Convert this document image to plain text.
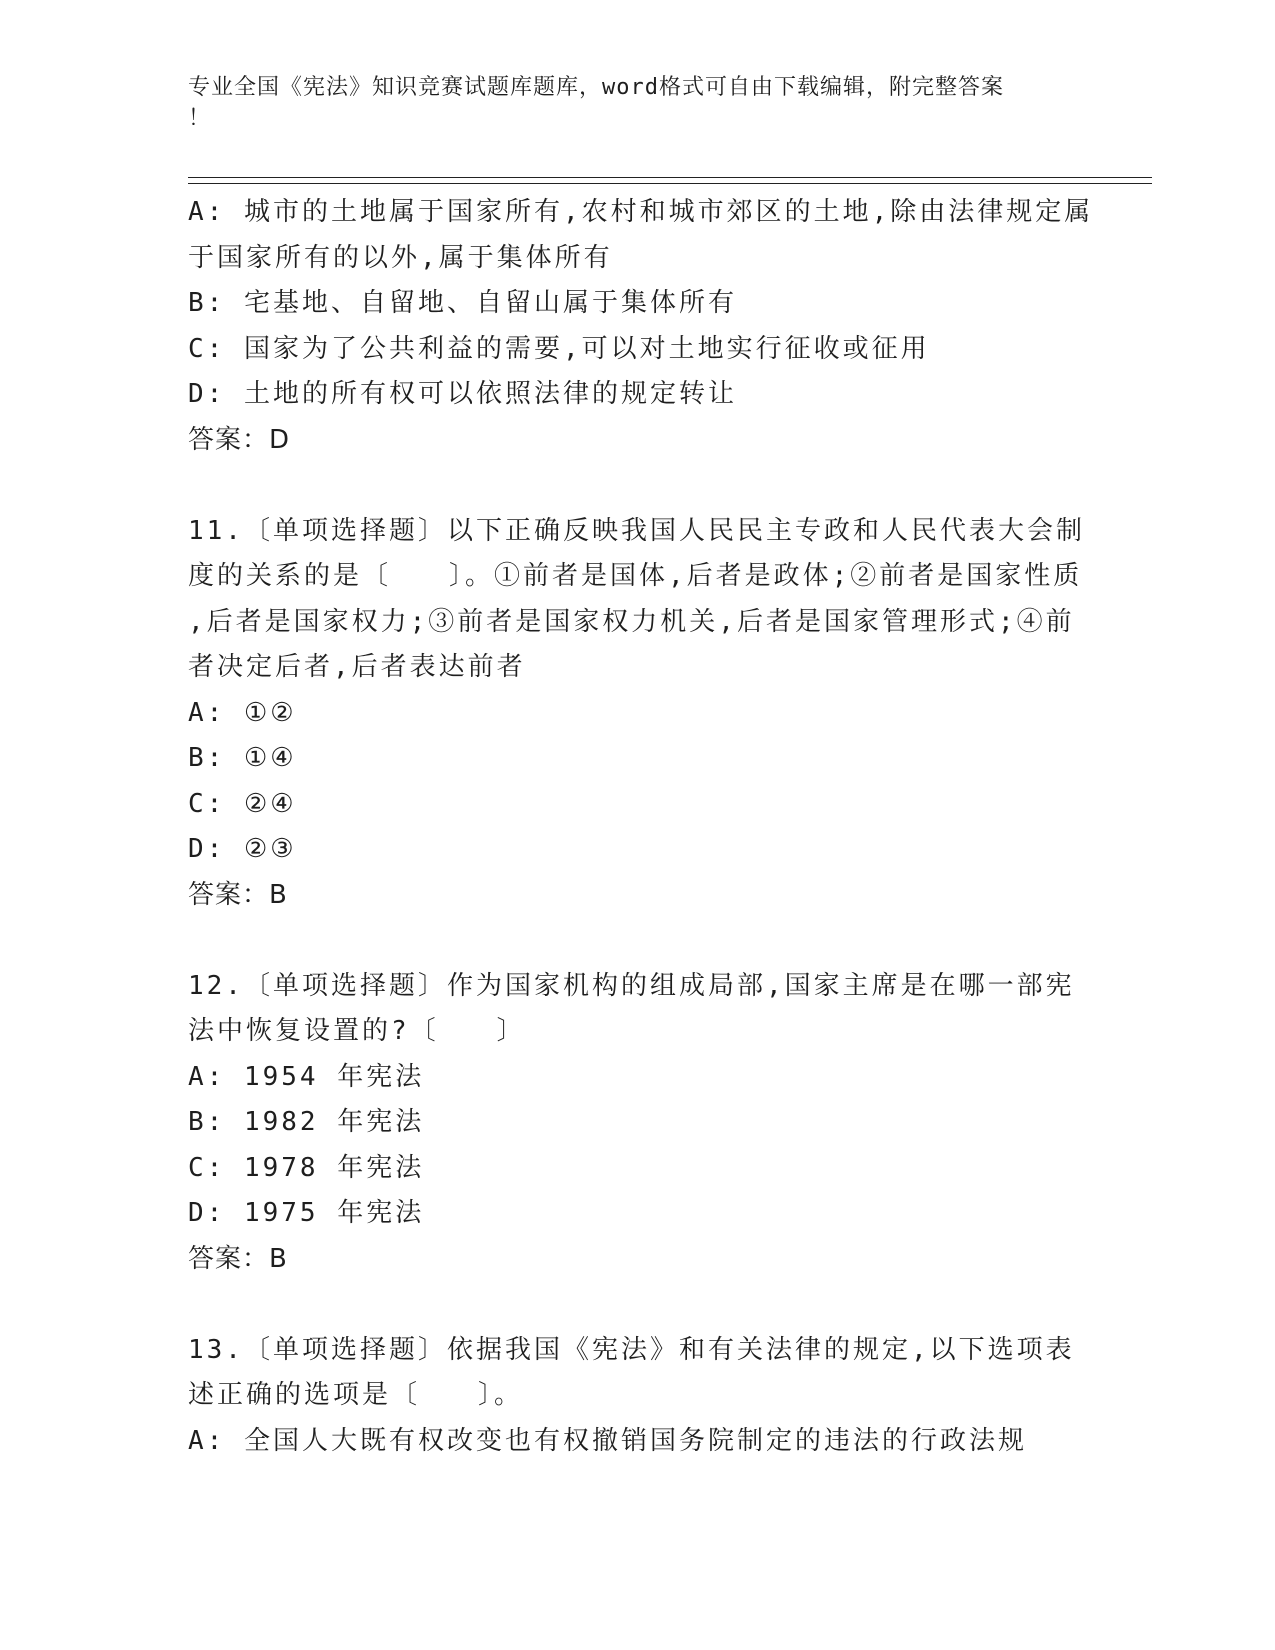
专业全国《宪法》知识竞赛试题库题库，word格式可自由下载编辑，附完整答案
！
A: 城市的土地属于国家所有,农村和城市郊区的土地,除由法律规定属
于国家所有的以外,属于集体所有
B: 宅基地、自留地、自留山属于集体所有
C: 国家为了公共利益的需要,可以对土地实行征收或征用
D: 土地的所有权可以依照法律的规定转让
答案：D
11.〔单项选择题〕以下正确反映我国人民民主专政和人民代表大会制
度的关系的是〔　　〕。①前者是国体,后者是政体;②前者是国家性质
,后者是国家权力;③前者是国家权力机关,后者是国家管理形式;④前
者决定后者,后者表达前者
A: ①②
B: ①④
C: ②④
D: ②③
答案：B
12.〔单项选择题〕作为国家机构的组成局部,国家主席是在哪一部宪
法中恢复设置的?〔　　〕
A: 1954 年宪法
B: 1982 年宪法
C: 1978 年宪法
D: 1975 年宪法
答案：B
13.〔单项选择题〕依据我国《宪法》和有关法律的规定,以下选项表
述正确的选项是〔　　〕。
A: 全国人大既有权改变也有权撤销国务院制定的违法的行政法规
